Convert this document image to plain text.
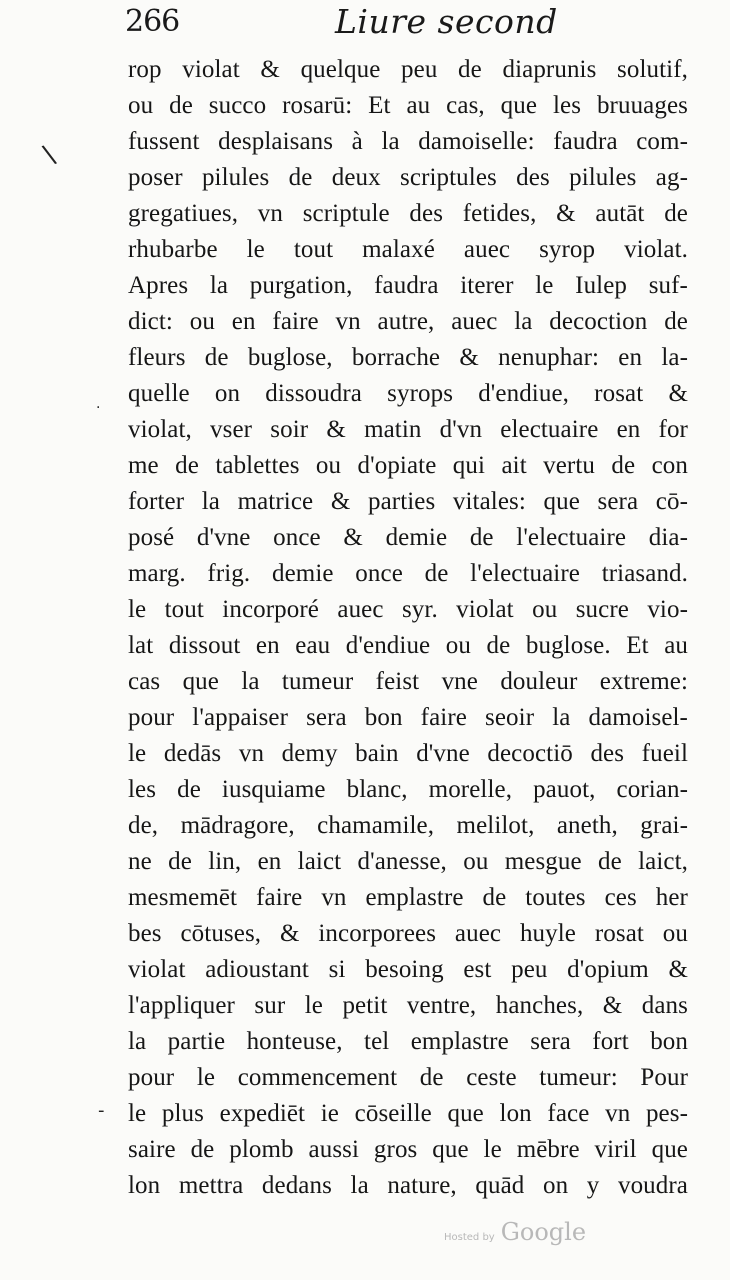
266	Liure second
\
·
-
rop violat & quelque peu de diaprunis solutif,
ou de succo rosarū: Et au cas, que les bruuages
fussent desplaisans à la damoiselle: faudra com-
poser pilules de deux scriptules des pilules ag-
gregatiues, vn scriptule des fetides, & autāt de
rhubarbe le tout malaxé auec syrop violat.
Apres la purgation, faudra iterer le Iulep suf-
dict: ou en faire vn autre, auec la decoction de
fleurs de buglose, borrache & nenuphar: en la-
quelle on dissoudra syrops d'endiue, rosat &
violat, vser soir & matin d'vn electuaire en for
me de tablettes ou d'opiate qui ait vertu de con
forter la matrice & parties vitales: que sera cō-
posé d'vne once & demie de l'electuaire dia-
marg. frig. demie once de l'electuaire triasand.
le tout incorporé auec syr. violat ou sucre vio-
lat dissout en eau d'endiue ou de buglose. Et au
cas que la tumeur feist vne douleur extreme:
pour l'appaiser sera bon faire seoir la damoisel-
le dedās vn demy bain d'vne decoctiō des fueil
les de iusquiame blanc, morelle, pauot, corian-
de, mādragore, chamamile, melilot, aneth, grai-
ne de lin, en laict d'anesse, ou mesgue de laict,
mesmemēt faire vn emplastre de toutes ces her
bes cōtuses, & incorporees auec huyle rosat ou
violat adioustant si besoing est peu d'opium &
l'appliquer sur le petit ventre, hanches, & dans
la partie honteuse, tel emplastre sera fort bon
pour le commencement de ceste tumeur: Pour
le plus expediēt ie cōseille que lon face vn pes-
saire de plomb aussi gros que le mēbre viril que
lon mettra dedans la nature, quād on y voudra
Hosted by Google
